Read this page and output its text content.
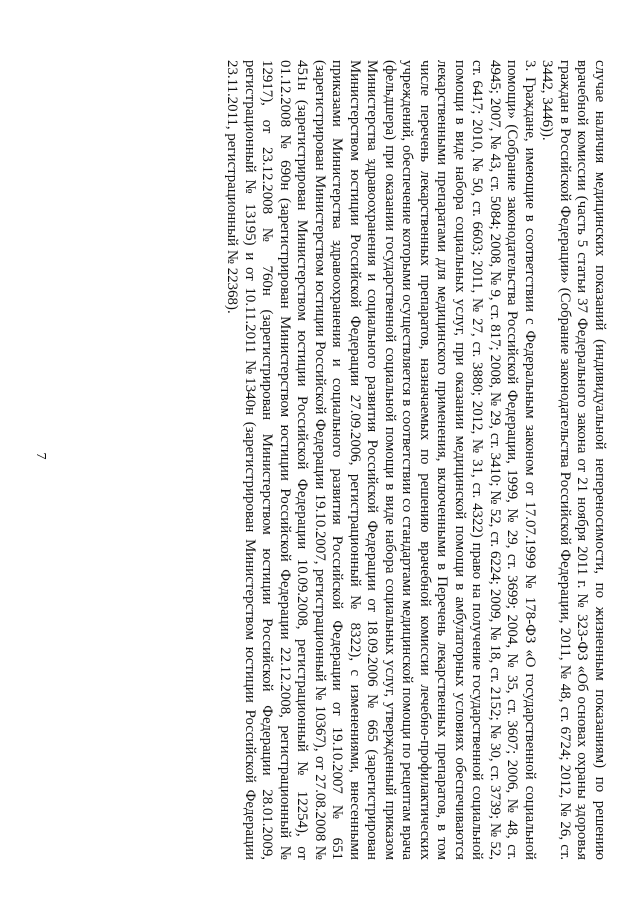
7	случае наличия медицинских показаний (индивидуальной непереносимости, по жизненным показаниям) по решению врачебной комиссии (часть 5 статьи 37 Федерального закона от 21 ноября 2011 г. № 323-ФЗ «Об основах охраны здоровья граждан в Российской Федерации» (Собрание законодательства Российской Федерации, 2011, № 48, ст. 6724; 2012, № 26, ст. 3442, 3446)).

3. Граждане, имеющие в соответствии с Федеральным законом от 17.07.1999 № 178-ФЗ «О государственной социальной помощи» (Собрание законодательства Российской Федерации, 1999, № 29, ст. 3699; 2004, № 35, ст. 3607; 2006, № 48, ст. 4945; 2007, № 43, ст. 5084; 2008, № 9, ст. 817; 2008, № 29, ст. 3410; № 52, ст. 6224; 2009, № 18, ст. 2152; № 30, ст. 3739; № 52, ст. 6417; 2010, № 50, ст. 6603; 2011, № 27, ст. 3880; 2012, № 31, ст. 4322) право на получение государственной социальной помощи в виде набора социальных услуг, при оказании медицинской помощи в амбулаторных условиях обеспечиваются лекарственными препаратами для медицинского применения, включенными в Перечень лекарственных препаратов, в том числе перечень лекарственных препаратов, назначаемых по решению врачебной комиссии лечебно-профилактических учреждений, обеспечение которыми осуществляется в соответствии со стандартами медицинской помощи по рецептам врача (фельдшера) при оказании государственной социальной помощи в виде набора социальных услуг, утвержденный приказом Министерства здравоохранения и социального развития Российской Федерации от 18.09.2006 № 665 (зарегистрирован Министерством юстиции Российской Федерации 27.09.2006, регистрационный № 8322), с изменениями, внесенными приказами Министерства здравоохранения и социального развития Российской Федерации от 19.10.2007 № 651 (зарегистрирован Министерством юстиции Российской Федерации 19.10.2007, регистрационный № 10367), от 27.08.2008 № 451н (зарегистрирован Министерством юстиции Российской Федерации 10.09.2008, регистрационный № 12254), от 01.12.2008 № 690н (зарегистрирован Министерством юстиции Российской Федерации 22.12.2008, регистрационный № 12917), от 23.12.2008 № 760н (зарегистрирован Министерством юстиции Российской Федерации 28.01.2009, регистрационный № 13195) и от 10.11.2011 №1340н (зарегистрирован Министерством юстиции Российской Федерации 23.11.2011, регистрационный № 22368).
